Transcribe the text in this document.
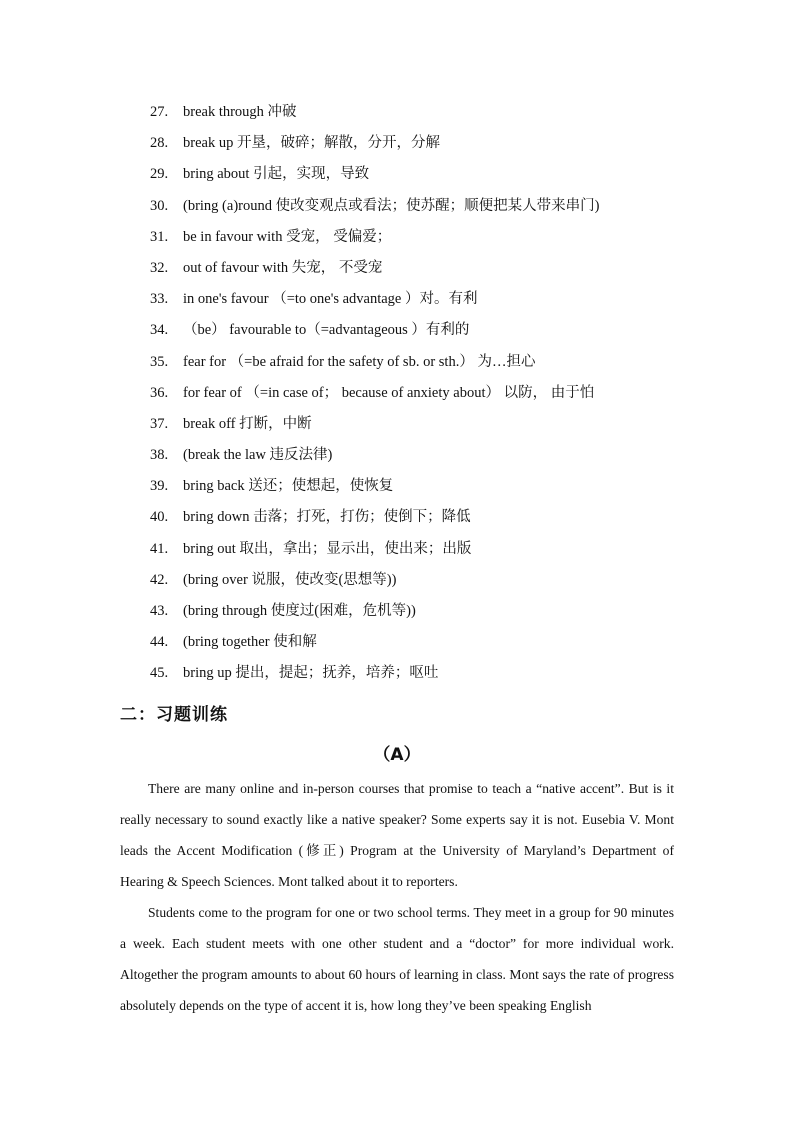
27. break through 冲破
28. break up 开垦，破碎；解散，分开，分解
29. bring about 引起，实现，导致
30. (bring (a)round 使改变观点或看法；使苏醒；顺便把某人带来串门)
31. be in favour with 受宠， 受偏爱；
32. out of favour with 失宠， 不受宠
33. in one's favour （=to one's advantage ）对。有利
34. （be） favourable to（=advantageous ）有利的
35. fear for （=be afraid for the safety of sb. or sth.） 为…担心
36. for fear of （=in case of； because of anxiety about） 以防， 由于怕
37. break off 打断，中断
38. (break the law 违反法律)
39. bring back 送还；使想起，使恢复
40. bring down 击落；打死，打伤；使倒下；降低
41. bring out 取出，拿出；显示出，使出来；出版
42. (bring over 说服，使改变(思想等))
43. (bring through 使度过(困难，危机等))
44. (bring together 使和解
45. bring up 提出，提起；抚养，培养；呕吐
二：习题训练
（A）

There are many online and in-person courses that promise to teach a “native accent”. But is it really necessary to sound exactly like a native speaker? Some experts say it is not. Eusebia V. Mont leads the Accent Modification (修正) Program at the University of Maryland’s Department of Hearing & Speech Sciences. Mont talked about it to reporters.

Students come to the program for one or two school terms. They meet in a group for 90 minutes a week. Each student meets with one other student and a “doctor” for more individual work. Altogether the program amounts to about 60 hours of learning in class. Mont says the rate of progress absolutely depends on the type of accent it is, how long they’ve been speaking English
